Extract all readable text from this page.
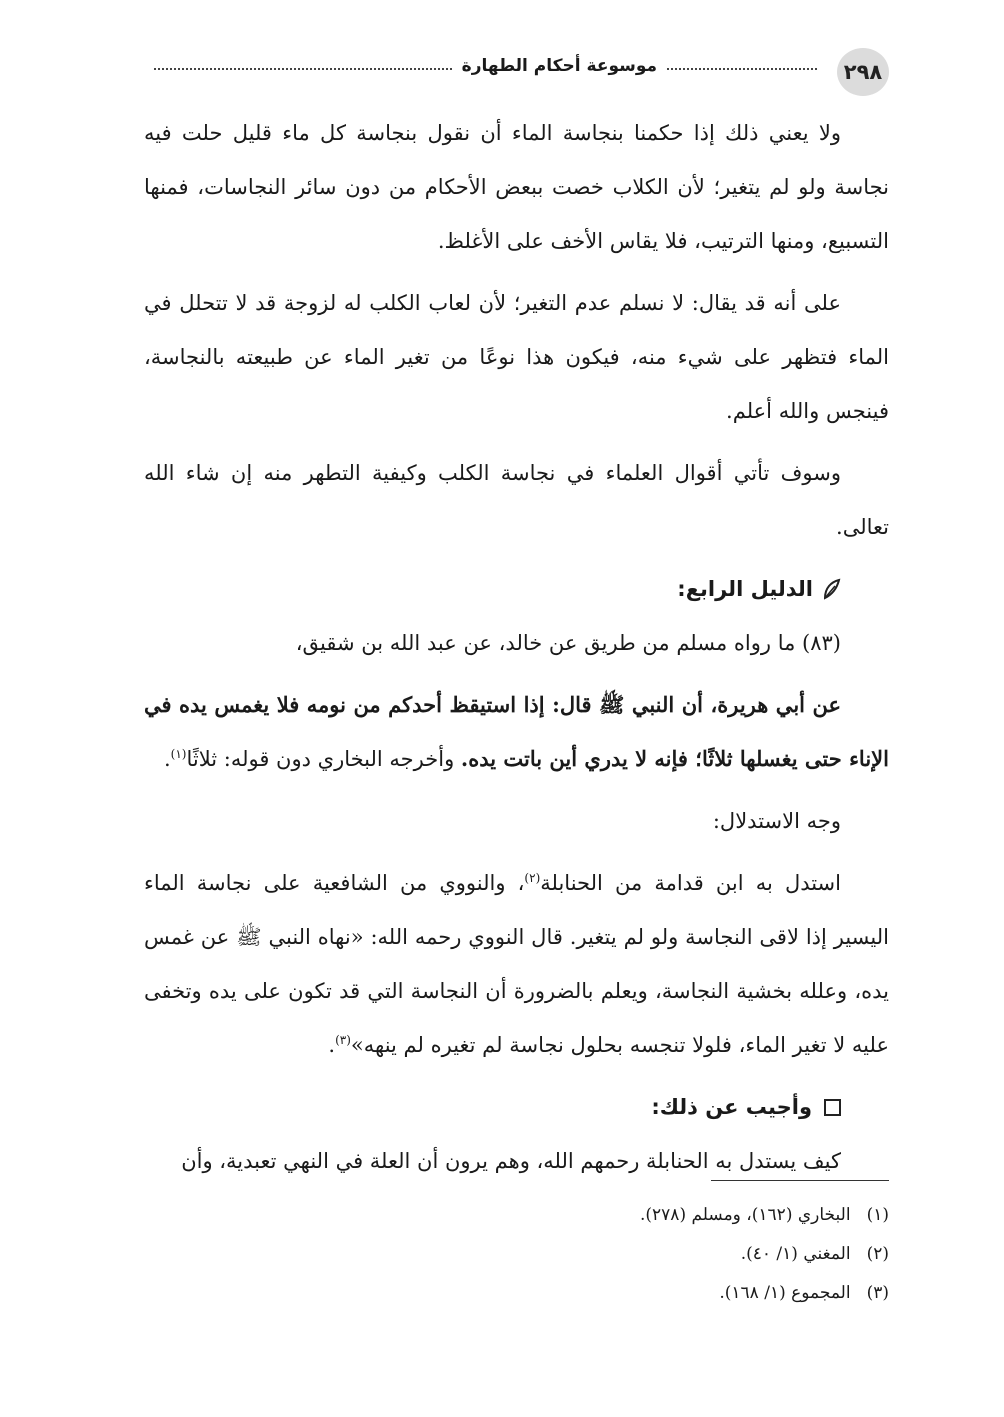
٢٩٨
موسوعة أحكام الطهارة

ولا يعني ذلك إذا حكمنا بنجاسة الماء أن نقول بنجاسة كل ماء قليل حلت فيه نجاسة ولو لم يتغير؛ لأن الكلاب خصت ببعض الأحكام من دون سائر النجاسات، فمنها التسبيع، ومنها الترتيب، فلا يقاس الأخف على الأغلظ.

على أنه قد يقال: لا نسلم عدم التغير؛ لأن لعاب الكلب له لزوجة قد لا تتحلل في الماء فتظهر على شيء منه، فيكون هذا نوعًا من تغير الماء عن طبيعته بالنجاسة، فينجس والله أعلم.

وسوف تأتي أقوال العلماء في نجاسة الكلب وكيفية التطهر منه إن شاء الله تعالى.

الدليل الرابع:

(٨٣) ما رواه مسلم من طريق عن خالد، عن عبد الله بن شقيق،

عن أبي هريرة، أن النبي ﷺ قال: إذا استيقظ أحدكم من نومه فلا يغمس يده في الإناء حتى يغسلها ثلاثًا؛ فإنه لا يدري أين باتت يده. وأخرجه البخاري دون قوله: ثلاثًا$^{(١)}$.

وجه الاستدلال:

استدل به ابن قدامة من الحنابلة$^{(٢)}$، والنووي من الشافعية على نجاسة الماء اليسير إذا لاقى النجاسة ولو لم يتغير. قال النووي رحمه الله: «نهاه النبي ﷺ عن غمس يده، وعلله بخشية النجاسة، ويعلم بالضرورة أن النجاسة التي قد تكون على يده وتخفى عليه لا تغير الماء، فلولا تنجسه بحلول نجاسة لم تغيره لم ينهه»$^{(٣)}$.

وأجيب عن ذلك:

كيف يستدل به الحنابلة رحمهم الله، وهم يرون أن العلة في النهي تعبدية، وأن

(١)
البخاري (١٦٢)، ومسلم (٢٧٨).
(٢)
المغني (١/ ٤٠).
(٣)
المجموع (١/ ١٦٨).
